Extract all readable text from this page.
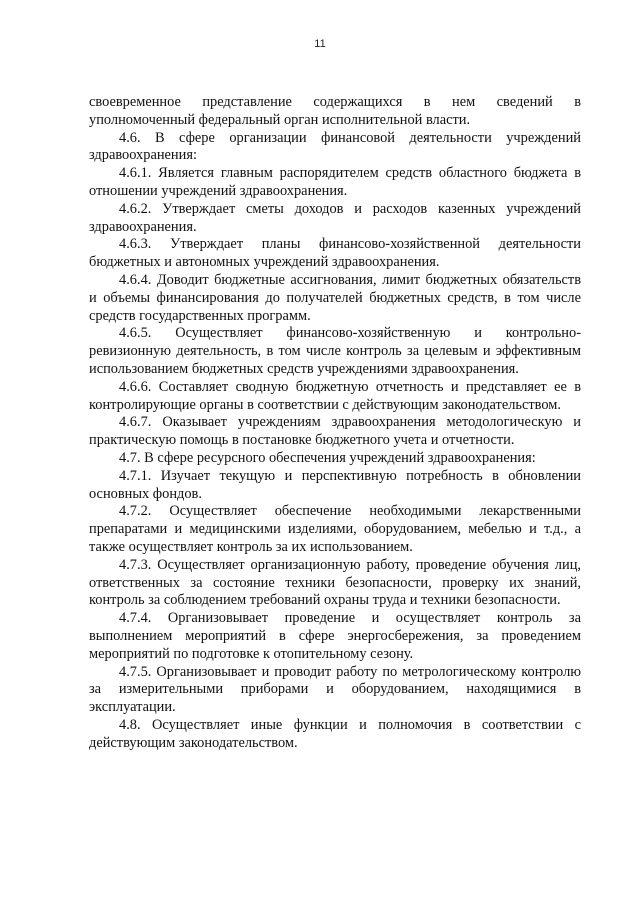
11

своевременное представление содержащихся в нем сведений в уполномоченный федеральный орган исполнительной власти.

4.6. В сфере организации финансовой деятельности учреждений здравоохранения:

4.6.1. Является главным распорядителем средств областного бюджета в отношении учреждений здравоохранения.

4.6.2. Утверждает сметы доходов и расходов казенных учреждений здравоохранения.

4.6.3. Утверждает планы финансово-хозяйственной деятельности бюджетных и автономных учреждений здравоохранения.

4.6.4. Доводит бюджетные ассигнования, лимит бюджетных обязательств и объемы финансирования до получателей бюджетных средств, в том числе средств государственных программ.

4.6.5. Осуществляет финансово-хозяйственную и контрольно-ревизионную деятельность, в том числе контроль за целевым и эффективным использованием бюджетных средств учреждениями здравоохранения.

4.6.6. Составляет сводную бюджетную отчетность и представляет ее в контролирующие органы в соответствии с действующим законодательством.

4.6.7. Оказывает учреждениям здравоохранения методологическую и практическую помощь в постановке бюджетного учета и отчетности.

4.7. В сфере ресурсного обеспечения учреждений здравоохранения:

4.7.1. Изучает текущую и перспективную потребность в обновлении основных фондов.

4.7.2. Осуществляет обеспечение необходимыми лекарственными препаратами и медицинскими изделиями, оборудованием, мебелью и т.д., а также осуществляет контроль за их использованием.

4.7.3. Осуществляет организационную работу, проведение обучения лиц, ответственных за состояние техники безопасности, проверку их знаний, контроль за соблюдением требований охраны труда и техники безопасности.

4.7.4. Организовывает проведение и осуществляет контроль за выполнением мероприятий в сфере энергосбережения, за проведением мероприятий по подготовке к отопительному сезону.

4.7.5. Организовывает и проводит работу по метрологическому контролю за измерительными приборами и оборудованием, находящимися в эксплуатации.

4.8. Осуществляет иные функции и полномочия в соответствии с действующим законодательством.
